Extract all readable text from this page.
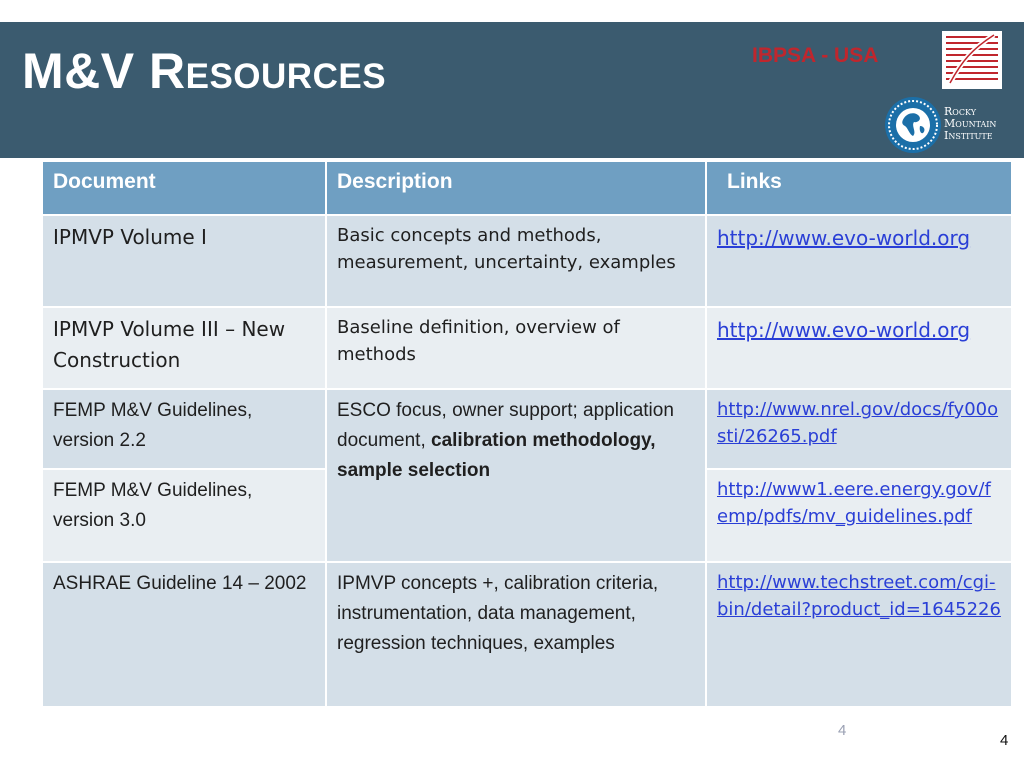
M&V Resources	IBPSA - USA
Rocky
Mountain
Institute
Document	Description	Links
IPMVP Volume I	Basic concepts and methods, measurement, uncertainty, examples	http://www.evo-world.org
IPMVP Volume III – New Construction	Baseline definition, overview of methods	http://www.evo-world.org
FEMP M&V Guidelines, version 2.2	ESCO focus, owner support; application document, calibration methodology, sample selection	http://www.nrel.gov/docs/fy00osti/26265.pdf
FEMP M&V Guidelines, version 3.0		http://www1.eere.energy.gov/femp/pdfs/mv_guidelines.pdf
ASHRAE Guideline 14 – 2002	IPMVP concepts +, calibration criteria, instrumentation, data management, regression techniques, examples	http://www.techstreet.com/cgi-bin/detail?product_id=1645226
4
4
